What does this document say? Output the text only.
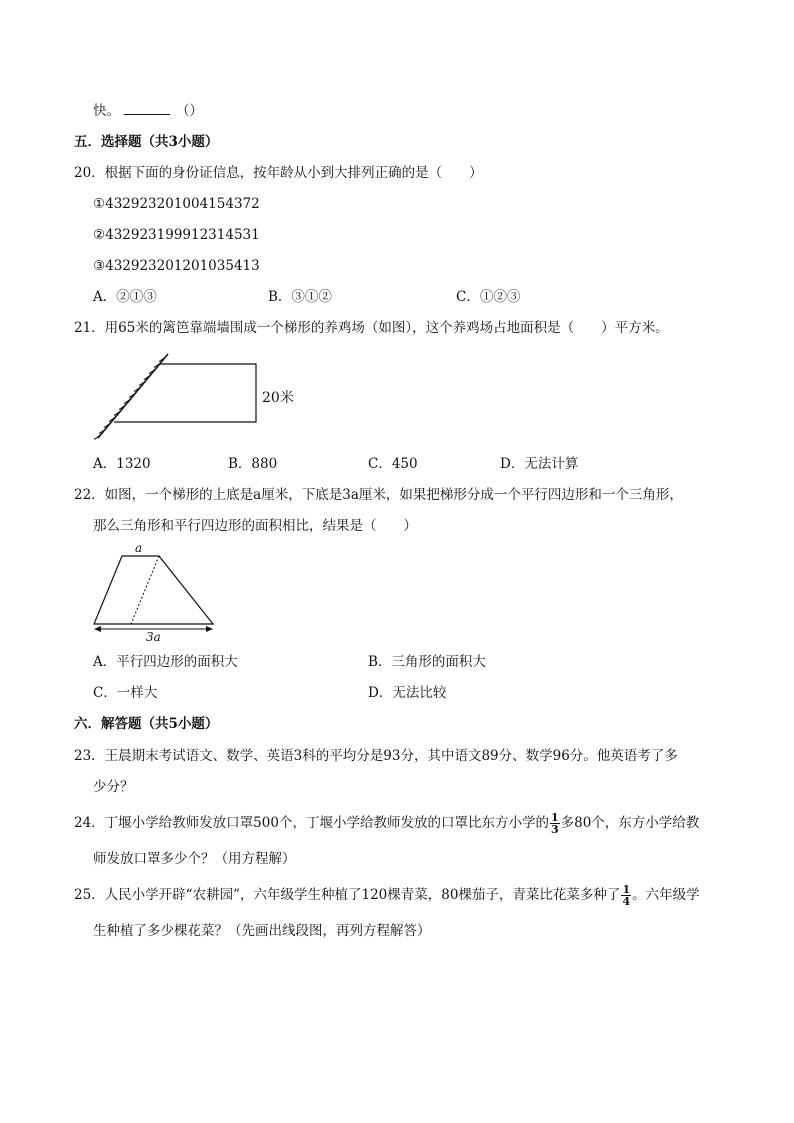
快。	（）
五．选择题（共3小题）
20．根据下面的身份证信息，按年龄从小到大排列正确的是（　　）
①432923201004154372
②432923199912314531
③432923201201035413
A．②①③	B．③①②	C．①②③
21．用65米的篱笆靠端墙围成一个梯形的养鸡场（如图），这个养鸡场占地面积是（　　）平方米。
20米
A．1320	B．880	C．450	D．无法计算
22．如图，一个梯形的上底是a厘米，下底是3a厘米，如果把梯形分成一个平行四边形和一个三角形，
那么三角形和平行四边形的面积相比，结果是（　　）
a
3a
A．平行四边形的面积大	B．三角形的面积大
C．一样大	D．无法比较
六．解答题（共5小题）
23．王晨期末考试语文、数学、英语3科的平均分是93分，其中语文89分、数学96分。他英语考了多
少分？
24．丁堰小学给教师发放口罩500个，丁堰小学给教师发放的口罩比东方小学的 $\frac{1}{3}$ 多80个，东方小学给教
师发放口罩多少个？（用方程解）
25．人民小学开辟“农耕园”，六年级学生种植了120棵青菜，80棵茄子，青菜比花菜多种了 $\frac{1}{4}$ 。六年级学
生种植了多少棵花菜？（先画出线段图，再列方程解答）
